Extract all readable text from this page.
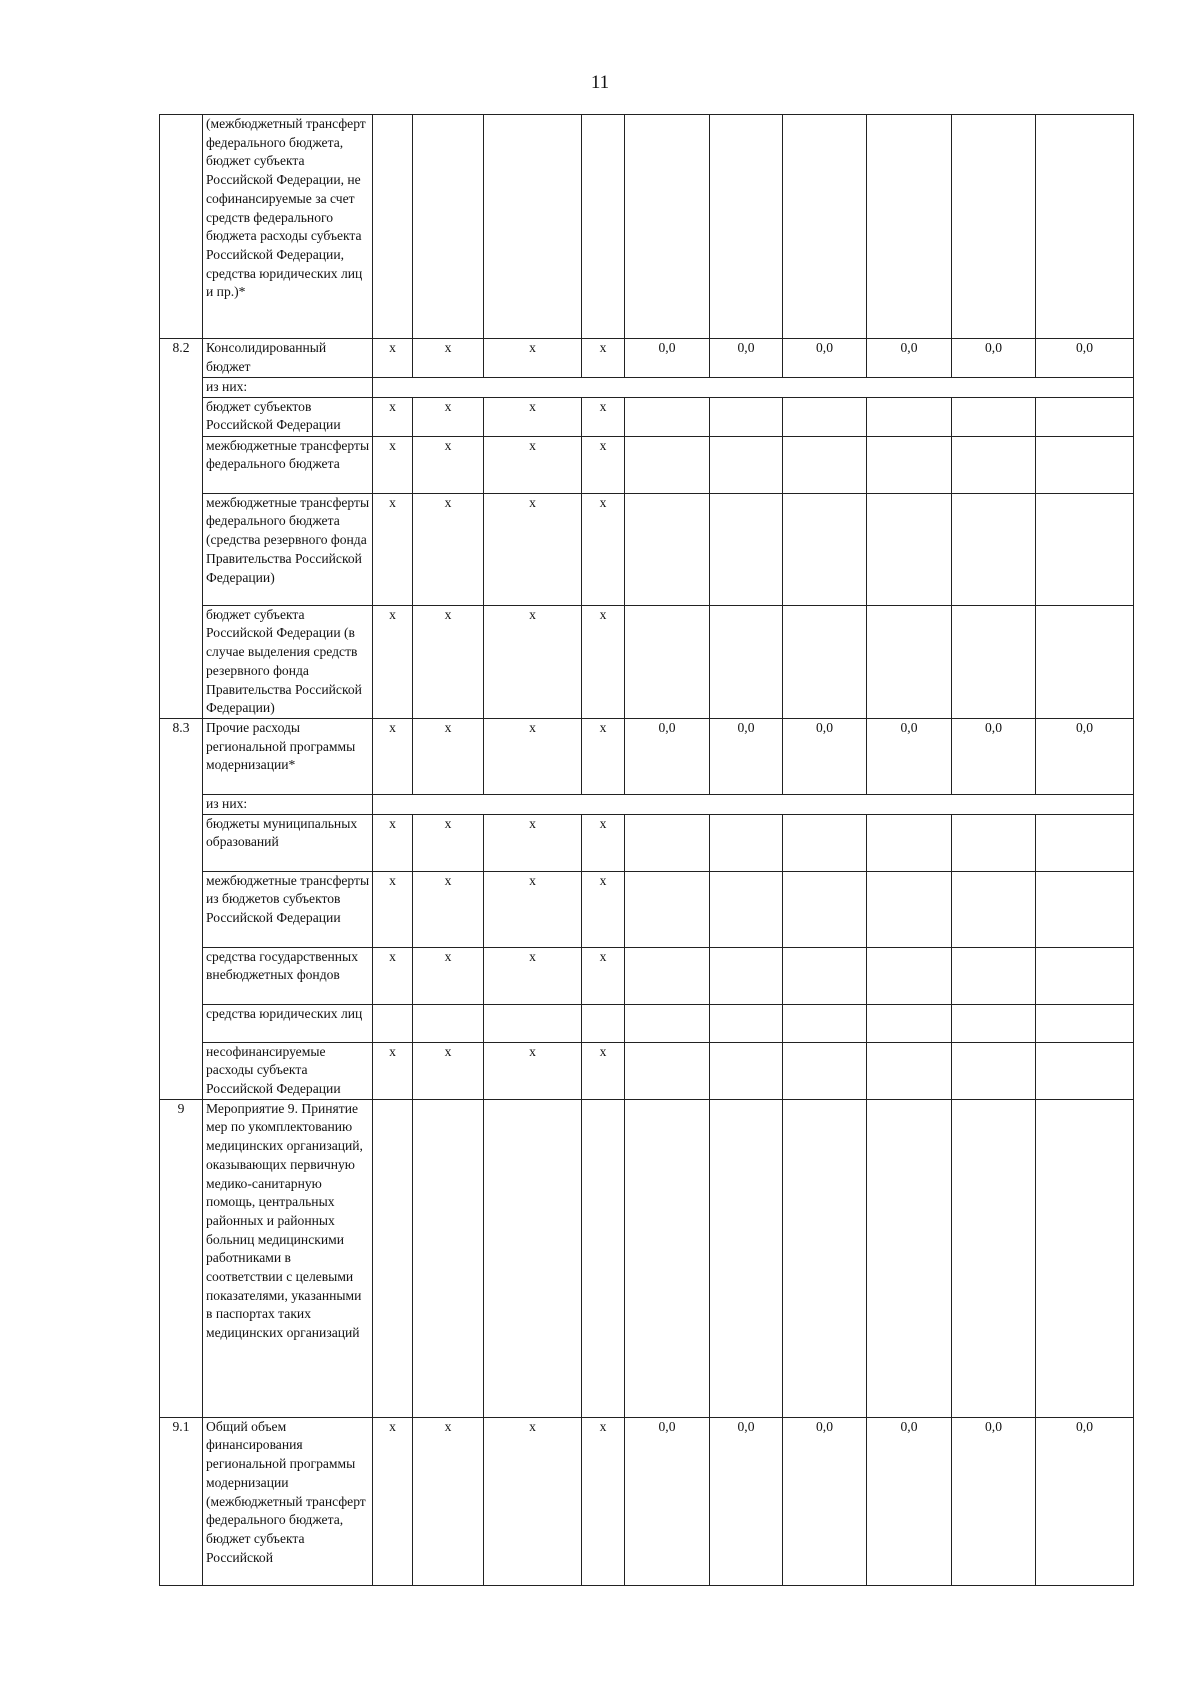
11
	(межбюджетный трансферт федерального бюджета, бюджет субъекта Российской Федерации, не софинансируемые за счет средств федерального бюджета расходы субъекта Российской Федерации, средства юридических лиц и пр.)*										
8.2	Консолидированный бюджет	x	x	x	x	0,0	0,0	0,0	0,0	0,0	0,0
	из них:										
	бюджет субъектов Российской Федерации	x	x	x	x						
	межбюджетные трансферты федерального бюджета	x	x	x	x						
	межбюджетные трансферты федерального бюджета (средства резервного фонда Правительства Российской Федерации)	x	x	x	x						
	бюджет субъекта Российской Федерации (в случае выделения средств резервного фонда Правительства Российской Федерации)	x	x	x	x						
8.3	Прочие расходы региональной программы модернизации*	x	x	x	x	0,0	0,0	0,0	0,0	0,0	0,0
	из них:										
	бюджеты муниципальных образований	x	x	x	x						
	межбюджетные трансферты из бюджетов субъектов Российской Федерации	x	x	x	x						
	средства государственных внебюджетных фондов	x	x	x	x						
	средства юридических лиц										
	несофинансируемые расходы субъекта Российской Федерации	x	x	x	x						
9	Мероприятие 9. Принятие мер по укомплектованию медицинских организаций, оказывающих первичную медико-санитарную помощь, центральных районных и районных больниц медицинскими работниками в соответствии с целевыми показателями, указанными в паспортах таких медицинских организаций										
9.1	Общий объем финансирования региональной программы модернизации (межбюджетный трансферт федерального бюджета, бюджет субъекта Российской	x	x	x	x	0,0	0,0	0,0	0,0	0,0	0,0
